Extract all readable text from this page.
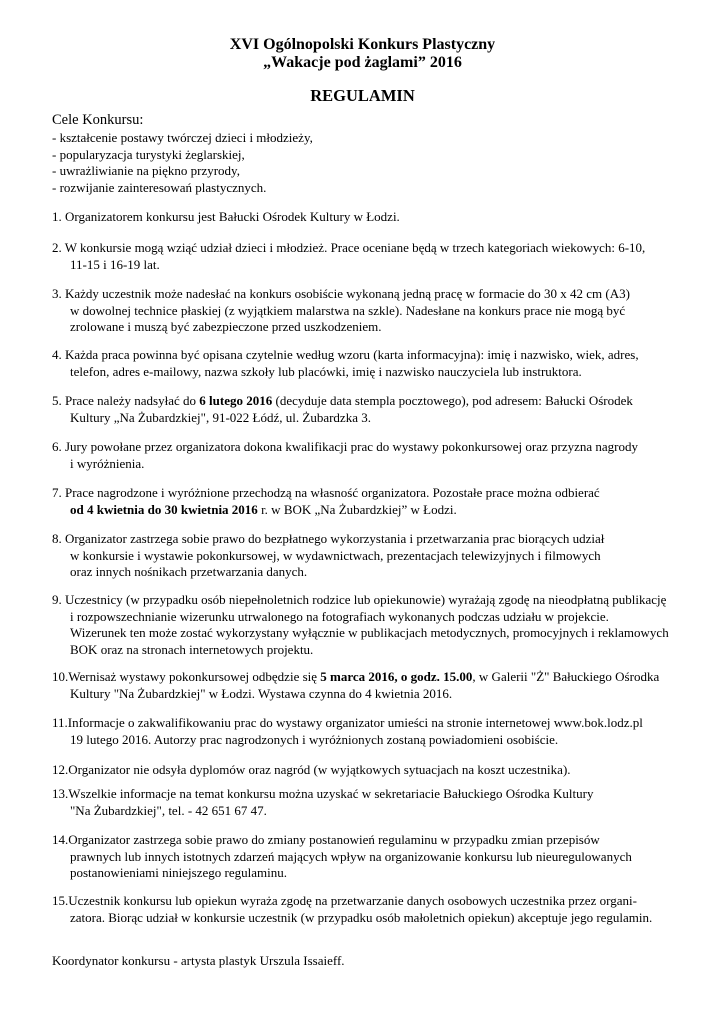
XVI Ogólnopolski Konkurs Plastyczny
„Wakacje pod żaglami” 2016
REGULAMIN
Cele Konkursu:
- kształcenie postawy twórczej dzieci i młodzieży,
- popularyzacja turystyki żeglarskiej,
- uwrażliwianie na piękno przyrody,
- rozwijanie zainteresowań plastycznych.
1. Organizatorem konkursu jest Bałucki Ośrodek Kultury w Łodzi.
2. W konkursie mogą wziąć udział dzieci i młodzież. Prace oceniane będą w trzech kategoriach wiekowych: 6-10,
11-15 i 16-19 lat.
3. Każdy uczestnik może nadesłać na konkurs osobiście wykonaną jedną pracę w formacie do 30 x 42 cm (A3)
w dowolnej technice płaskiej (z wyjątkiem malarstwa na szkle). Nadesłane na konkurs prace nie mogą być
zrolowane i muszą być zabezpieczone przed uszkodzeniem.
4. Każda praca powinna być opisana czytelnie według wzoru (karta informacyjna): imię i nazwisko, wiek, adres,
telefon, adres e-mailowy, nazwa szkoły lub placówki, imię i nazwisko nauczyciela lub instruktora.
5. Prace należy nadsyłać do 6 lutego 2016 (decyduje data stempla pocztowego), pod adresem: Bałucki Ośrodek
Kultury „Na Żubardzkiej", 91-022 Łódź, ul. Żubardzka 3.
6. Jury powołane przez organizatora dokona kwalifikacji prac do wystawy pokonkursowej oraz przyzna nagrody
i wyróżnienia.
7. Prace nagrodzone i wyróżnione przechodzą na własność organizatora. Pozostałe prace można odbierać
od 4 kwietnia do 30 kwietnia 2016 r. w BOK „Na Żubardzkiej” w Łodzi.
8. Organizator zastrzega sobie prawo do bezpłatnego wykorzystania i przetwarzania prac biorących udział
w konkursie i wystawie pokonkursowej, w wydawnictwach, prezentacjach telewizyjnych i filmowych
oraz innych nośnikach przetwarzania danych.
9. Uczestnicy (w przypadku osób niepełnoletnich rodzice lub opiekunowie) wyrażają zgodę na nieodpłatną publikację
i rozpowszechnianie wizerunku utrwalonego na fotografiach wykonanych podczas udziału w projekcie.
Wizerunek ten może zostać wykorzystany wyłącznie w publikacjach metodycznych, promocyjnych i reklamowych
BOK oraz na stronach internetowych projektu.
10.Wernisaż wystawy pokonkursowej odbędzie się 5 marca 2016, o godz. 15.00, w Galerii "Ż" Bałuckiego Ośrodka
Kultury "Na Żubardzkiej" w Łodzi. Wystawa czynna do 4 kwietnia 2016.
11.Informacje o zakwalifikowaniu prac do wystawy organizator umieści na stronie internetowej www.bok.lodz.pl
19 lutego 2016. Autorzy prac nagrodzonych i wyróżnionych zostaną powiadomieni osobiście.
12.Organizator nie odsyła dyplomów oraz nagród (w wyjątkowych sytuacjach na koszt uczestnika).
13.Wszelkie informacje na temat konkursu można uzyskać w sekretariacie Bałuckiego Ośrodka Kultury
"Na Żubardzkiej", tel. - 42 651 67 47.
14.Organizator zastrzega sobie prawo do zmiany postanowień regulaminu w przypadku zmian przepisów
prawnych lub innych istotnych zdarzeń mających wpływ na organizowanie konkursu lub nieuregulowanych
postanowieniami niniejszego regulaminu.
15.Uczestnik konkursu lub opiekun wyraża zgodę na przetwarzanie danych osobowych uczestnika przez organi-
zatora. Biorąc udział w konkursie uczestnik (w przypadku osób małoletnich opiekun) akceptuje jego regulamin.
Koordynator konkursu - artysta plastyk Urszula Issaieff.
